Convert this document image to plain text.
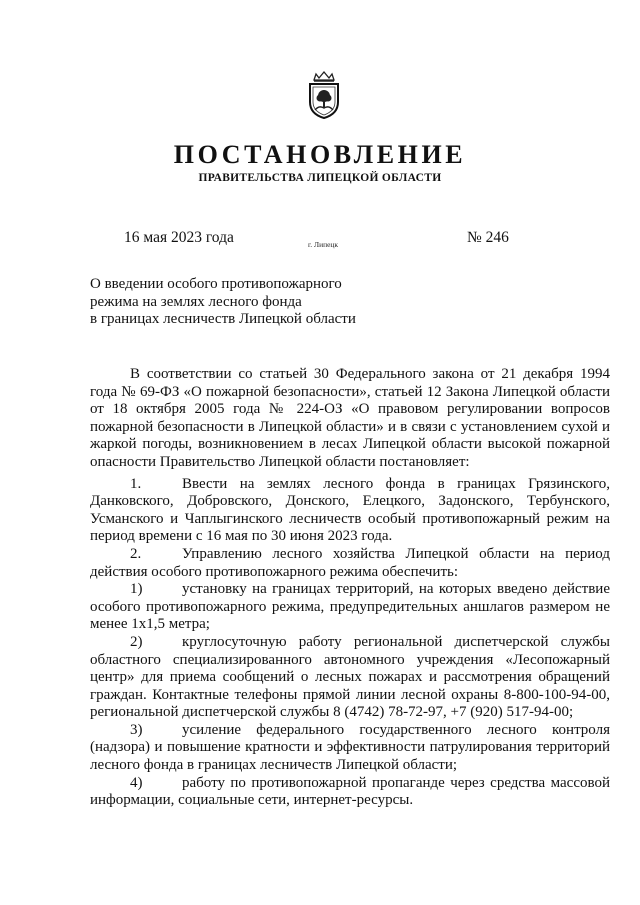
ПОСТАНОВЛЕНИЕ
ПРАВИТЕЛЬСТВА ЛИПЕЦКОЙ ОБЛАСТИ
16 мая 2023 года	г. Липецк	№ 246
О введении особого противопожарного
режима на землях лесного фонда
в границах лесничеств Липецкой области

В соответствии со статьей 30 Федерального закона от 21 декабря 1994 года № 69-ФЗ «О пожарной безопасности», статьей 12 Закона Липецкой области от 18 октября 2005 года № 224-ОЗ «О правовом регулировании вопросов пожарной безопасности в Липецкой области» и в связи с установлением сухой и жаркой погоды, возникновением в лесах Липецкой области высокой пожарной опасности Правительство Липецкой области постановляет:

1.	Ввести на землях лесного фонда в границах Грязинского, Данковского, Добровского, Донского, Елецкого, Задонского, Тербунского, Усманского и Чаплыгинского лесничеств особый противопожарный режим на период времени с 16 мая по 30 июня 2023 года.

2.	Управлению лесного хозяйства Липецкой области на период действия особого противопожарного режима обеспечить:

1)	установку на границах территорий, на которых введено действие особого противопожарного режима, предупредительных аншлагов размером не менее 1х1,5 метра;

2)	круглосуточную работу региональной диспетчерской службы областного специализированного автономного учреждения «Лесопожарный центр» для приема сообщений о лесных пожарах и рассмотрения обращений граждан. Контактные телефоны прямой линии лесной охраны 8-800-100-94-00, региональной диспетчерской службы 8 (4742) 78-72-97, +7 (920) 517-94-00;

3)	усиление федерального государственного лесного контроля (надзора) и повышение кратности и эффективности патрулирования территорий лесного фонда в границах лесничеств Липецкой области;

4)	работу по противопожарной пропаганде через средства массовой информации, социальные сети, интернет-ресурсы.
